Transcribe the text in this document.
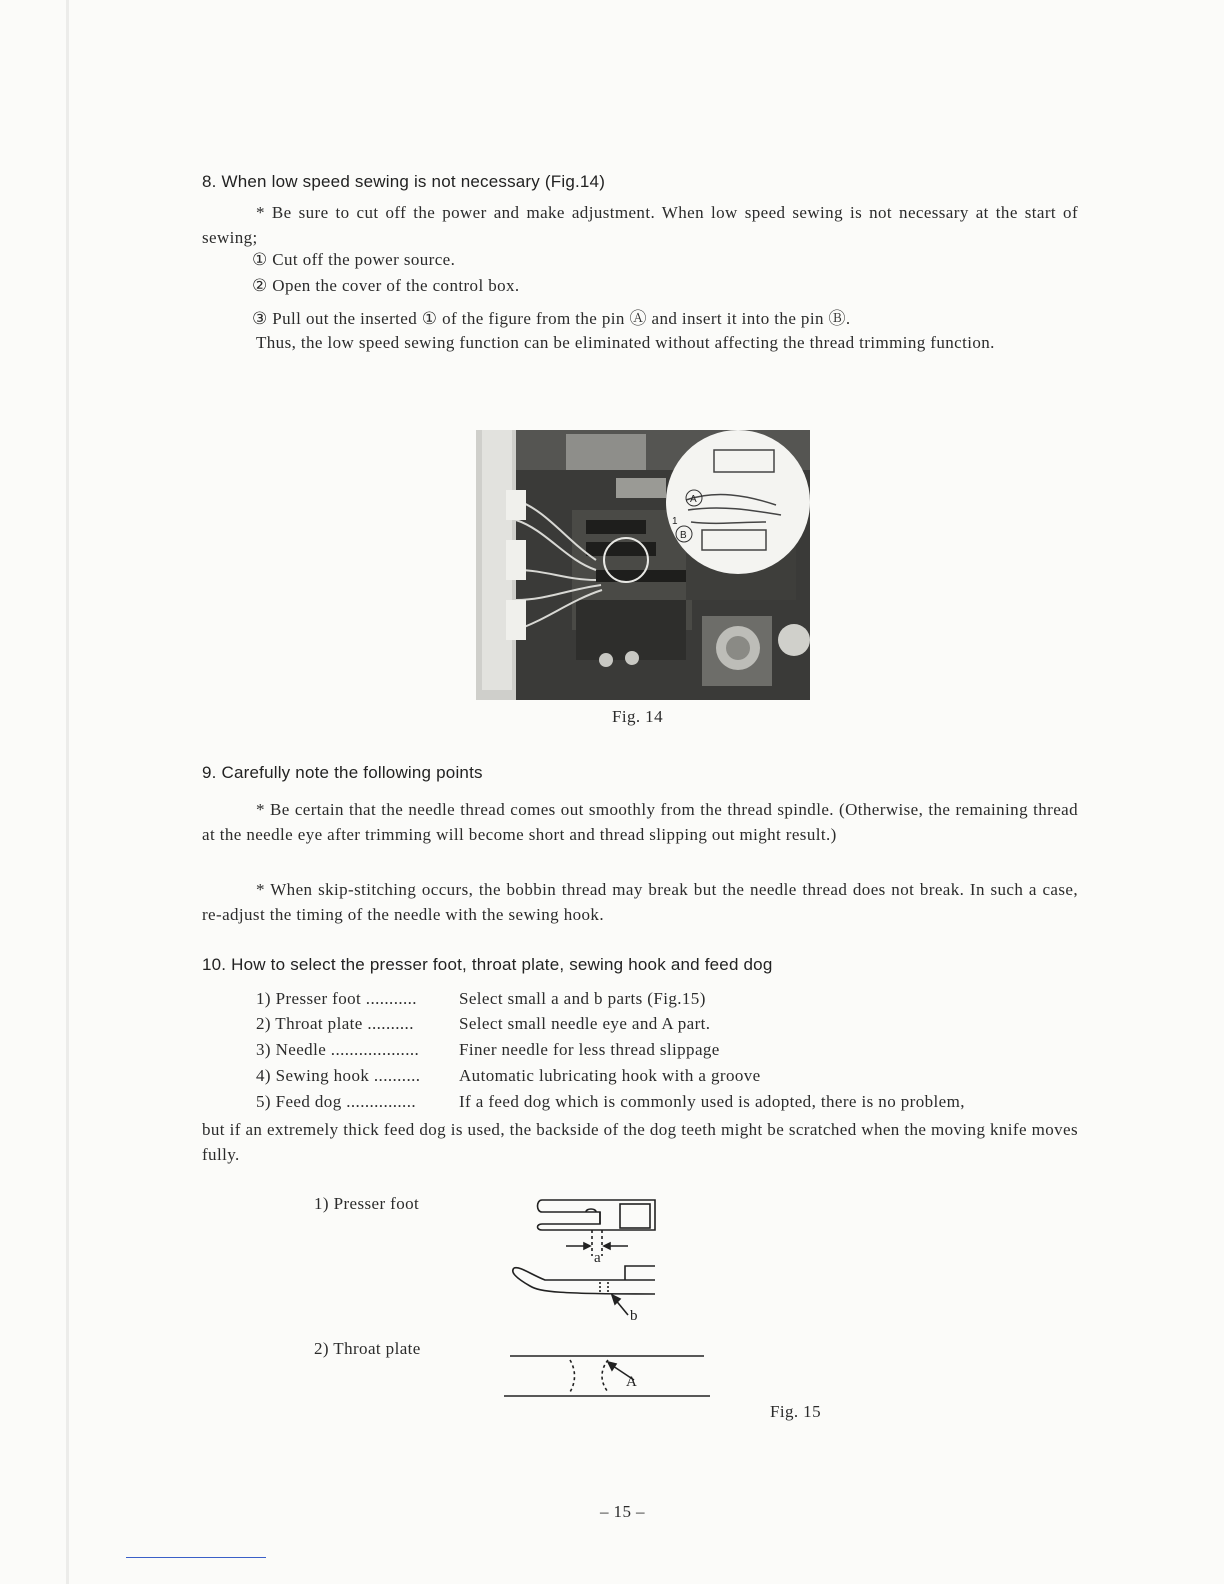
8. When low speed sewing is not necessary (Fig.14)
* Be sure to cut off the power and make adjustment. When low speed sewing is not necessary at the start of sewing;
① Cut off the power source.
② Open the cover of the control box.
③ Pull out the inserted ① of the figure from the pin Ⓐ and insert it into the pin Ⓑ.
Thus, the low speed sewing function can be eliminated without affecting the thread trimming function.
A
B
1
Fig. 14
9. Carefully note the following points
* Be certain that the needle thread comes out smoothly from the thread spindle. (Otherwise, the remaining thread at the needle eye after trimming will become short and thread slipping out might result.)
* When skip-stitching occurs, the bobbin thread may break but the needle thread does not break. In such a case, re-adjust the timing of the needle with the sewing hook.
10. How to select the presser foot, throat plate, sewing hook and feed dog
1) Presser foot ........... Select small a and b parts (Fig.15)
2) Throat plate ..........	Select small needle eye and A part.
3) Needle ................... Finer needle for less thread slippage
4) Sewing hook .......... Automatic lubricating hook with a groove
5) Feed dog ...............	If a feed dog which is commonly used is adopted, there is no problem,
but if an extremely thick feed dog is used, the backside of the dog teeth might be scratched when the moving knife moves fully.
1) Presser foot
2) Throat plate
a
b
A
Fig. 15
– 15 –
